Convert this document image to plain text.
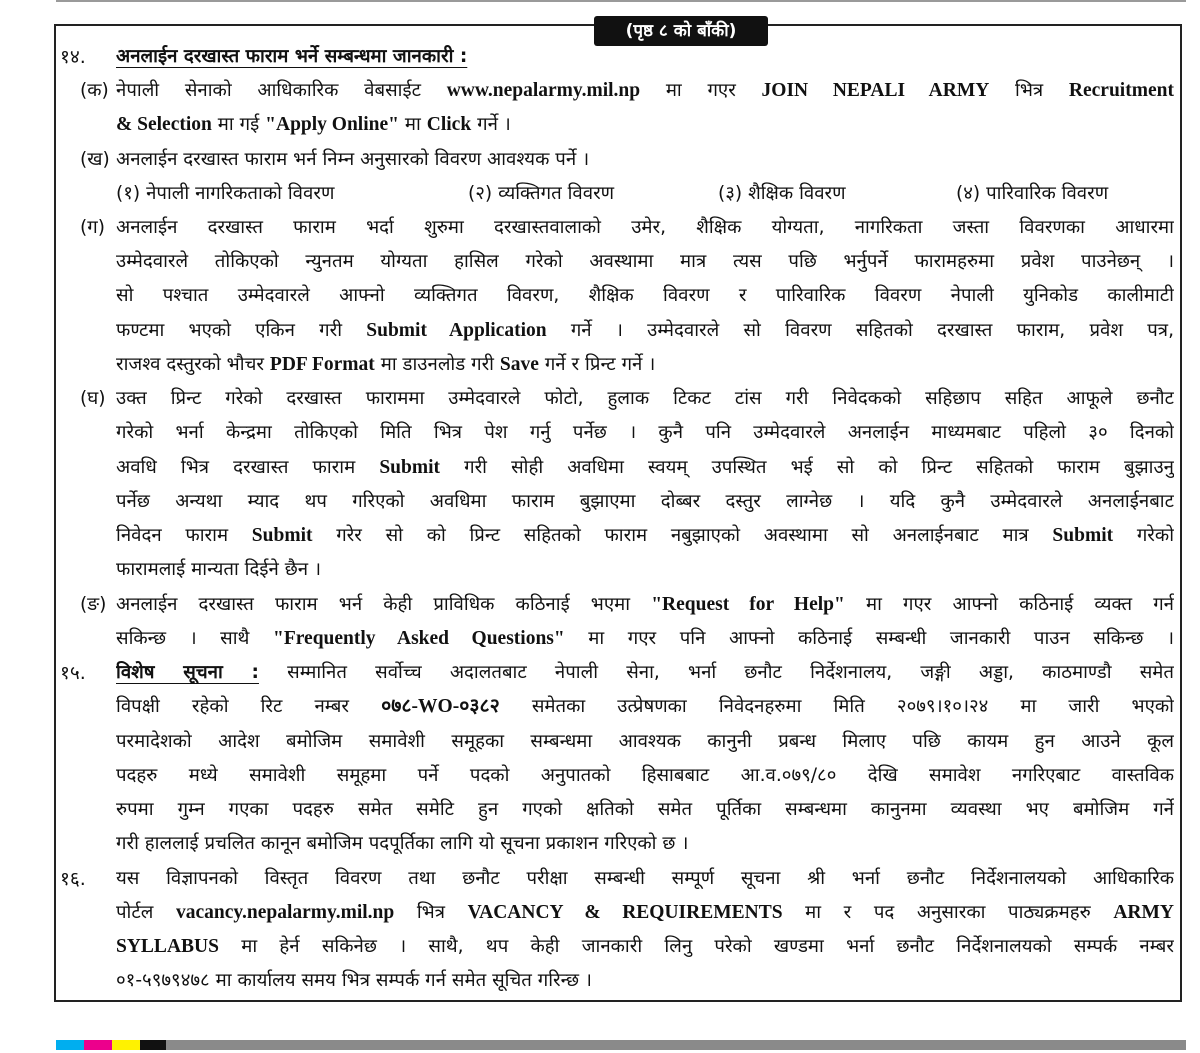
(पृष्ठ ८ को बाँकी)
१४. अनलाईन दरखास्त फाराम भर्ने सम्बन्धमा जानकारी :
(क) नेपाली सेनाको आधिकारिक वेबसाईट www.nepalarmy.mil.np मा गएर JOIN NEPALI ARMY भित्र Recruitment
& Selection मा गई "Apply Online" मा Click गर्ने ।
(ख) अनलाईन दरखास्त फाराम भर्न निम्न अनुसारको विवरण आवश्यक पर्ने ।
(१) नेपाली नागरिकताको विवरण	(२) व्यक्तिगत विवरण	(३) शैक्षिक विवरण	(४) पारिवारिक विवरण
(ग) अनलाईन दरखास्त फाराम भर्दा शुरुमा दरखास्तवालाको उमेर, शैक्षिक योग्यता, नागरिकता जस्ता विवरणका आधारमा
उम्मेदवारले तोकिएको न्युनतम योग्यता हासिल गरेको अवस्थामा मात्र त्यस पछि भर्नुपर्ने फारामहरुमा प्रवेश पाउनेछन् ।
सो पश्चात उम्मेदवारले आफ्नो व्यक्तिगत विवरण, शैक्षिक विवरण र पारिवारिक विवरण नेपाली युनिकोड कालीमाटी
फण्टमा भएको एकिन गरी Submit Application गर्ने । उम्मेदवारले सो विवरण सहितको दरखास्त फाराम, प्रवेश पत्र,
राजश्व दस्तुरको भौचर PDF Format मा डाउनलोड गरी Save गर्ने र प्रिन्ट गर्ने ।
(घ) उक्त प्रिन्ट गरेको दरखास्त फाराममा उम्मेदवारले फोटो, हुलाक टिकट टांस गरी निवेदकको सहिछाप सहित आफूले छनौट
गरेको भर्ना केन्द्रमा तोकिएको मिति भित्र पेश गर्नु पर्नेछ । कुनै पनि उम्मेदवारले अनलाईन माध्यमबाट पहिलो ३० दिनको
अवधि भित्र दरखास्त फाराम Submit गरी सोही अवधिमा स्वयम् उपस्थित भई सो को प्रिन्ट सहितको फाराम बुझाउनु
पर्नेछ अन्यथा म्याद थप गरिएको अवधिमा फाराम बुझाएमा दोब्बर दस्तुर लाग्नेछ । यदि कुनै उम्मेदवारले अनलाईनबाट
निवेदन फाराम Submit गरेर सो को प्रिन्ट सहितको फाराम नबुझाएको अवस्थामा सो अनलाईनबाट मात्र Submit गरेको
फारामलाई मान्यता दिईने छैन ।
(ङ) अनलाईन दरखास्त फाराम भर्न केही प्राविधिक कठिनाई भएमा "Request for Help" मा गएर आफ्नो कठिनाई व्यक्त गर्न
सकिन्छ । साथै "Frequently Asked Questions" मा गएर पनि आफ्नो कठिनाई सम्बन्धी जानकारी पाउन सकिन्छ ।
१५. विशेष सूचना : सम्मानित सर्वोच्च अदालतबाट नेपाली सेना, भर्ना छनौट निर्देशनालय, जङ्गी अड्डा, काठमाण्डौ समेत
विपक्षी रहेको रिट नम्बर ०७८-WO-०३८२ समेतका उत्प्रेषणका निवेदनहरुमा मिति २०७९।१०।२४ मा जारी भएको
परमादेशको आदेश बमोजिम समावेशी समूहका सम्बन्धमा आवश्यक कानुनी प्रबन्ध मिलाए पछि कायम हुन आउने कूल
पदहरु मध्ये समावेशी समूहमा पर्ने पदको अनुपातको हिसाबबाट आ.व.०७९/८० देखि समावेश नगरिएबाट वास्तविक
रुपमा गुम्न गएका पदहरु समेत समेटि हुन गएको क्षतिको समेत पूर्तिका सम्बन्धमा कानुनमा व्यवस्था भए बमोजिम गर्ने
गरी हाललाई प्रचलित कानून बमोजिम पदपूर्तिका लागि यो सूचना प्रकाशन गरिएको छ ।
१६. यस विज्ञापनको विस्तृत विवरण तथा छनौट परीक्षा सम्बन्धी सम्पूर्ण सूचना श्री भर्ना छनौट निर्देशनालयको आधिकारिक
पोर्टल vacancy.nepalarmy.mil.np भित्र VACANCY & REQUIREMENTS मा र पद अनुसारका पाठ्यक्रमहरु ARMY
SYLLABUS मा हेर्न सकिनेछ । साथै, थप केही जानकारी लिनु परेको खण्डमा भर्ना छनौट निर्देशनालयको सम्पर्क नम्बर
०१-५९७९४७८ मा कार्यालय समय भित्र सम्पर्क गर्न समेत सूचित गरिन्छ ।
